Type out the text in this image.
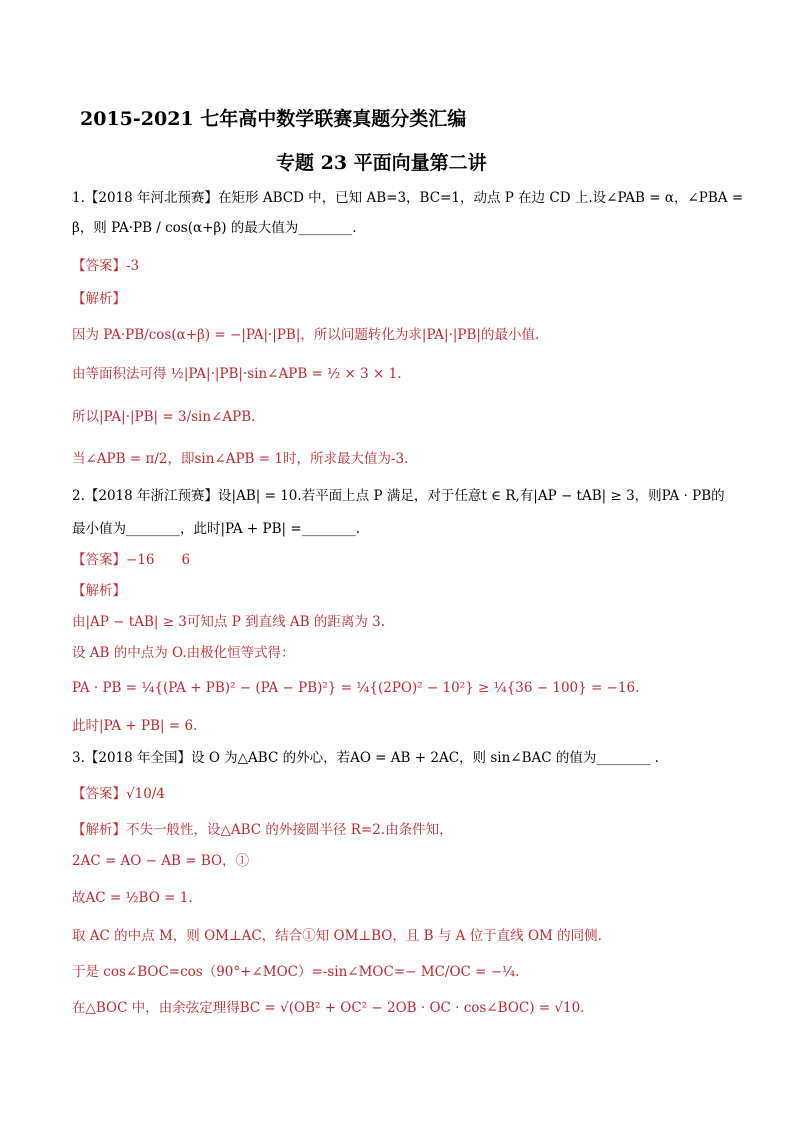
2015-2021 七年高中数学联赛真题分类汇编
专题 23 平面向量第二讲
1.【2018 年河北预赛】在矩形 ABCD 中，已知 AB=3，BC=1，动点 P 在边 CD 上.设∠PAB = α，∠PBA =
β，则 PA·PB / cos(α+β) 的最大值为________.
【答案】-3
【解析】
因为 PA·PB/cos(α+β) = −|PA|·|PB|，所以问题转化为求|PA|·|PB|的最小值.
由等面积法可得 ½|PA|·|PB|·sin∠APB = ½ × 3 × 1.
所以|PA|·|PB| = 3/sin∠APB.
当∠APB = π/2，即sin∠APB = 1时，所求最大值为-3.
2.【2018 年浙江预赛】设|AB| = 10.若平面上点 P 满足，对于任意t ∈ R,有|AP − tAB| ≥ 3，则PA · PB的
最小值为________，此时|PA + PB| =________.
【答案】−16　　6
【解析】
由|AP − tAB| ≥ 3可知点 P 到直线 AB 的距离为 3.
设 AB 的中点为 O.由极化恒等式得：
PA · PB = ¼{(PA + PB)² − (PA − PB)²} = ¼{(2PO)² − 10²} ≥ ¼{36 − 100} = −16.
此时|PA + PB| = 6.
3.【2018 年全国】设 O 为△ABC 的外心，若AO = AB + 2AC，则 sin∠BAC 的值为________ .
【答案】√10/4
【解析】不失一般性，设△ABC 的外接圆半径 R=2.由条件知，
2AC = AO − AB = BO，①
故AC = ½BO = 1.
取 AC 的中点 M，则 OM⊥AC，结合①知 OM⊥BO，且 B 与 A 位于直线 OM 的同侧.
于是 cos∠BOC=cos（90°+∠MOC）=-sin∠MOC=− MC/OC = −¼.
在△BOC 中，由余弦定理得BC = √(OB² + OC² − 2OB · OC · cos∠BOC) = √10.
